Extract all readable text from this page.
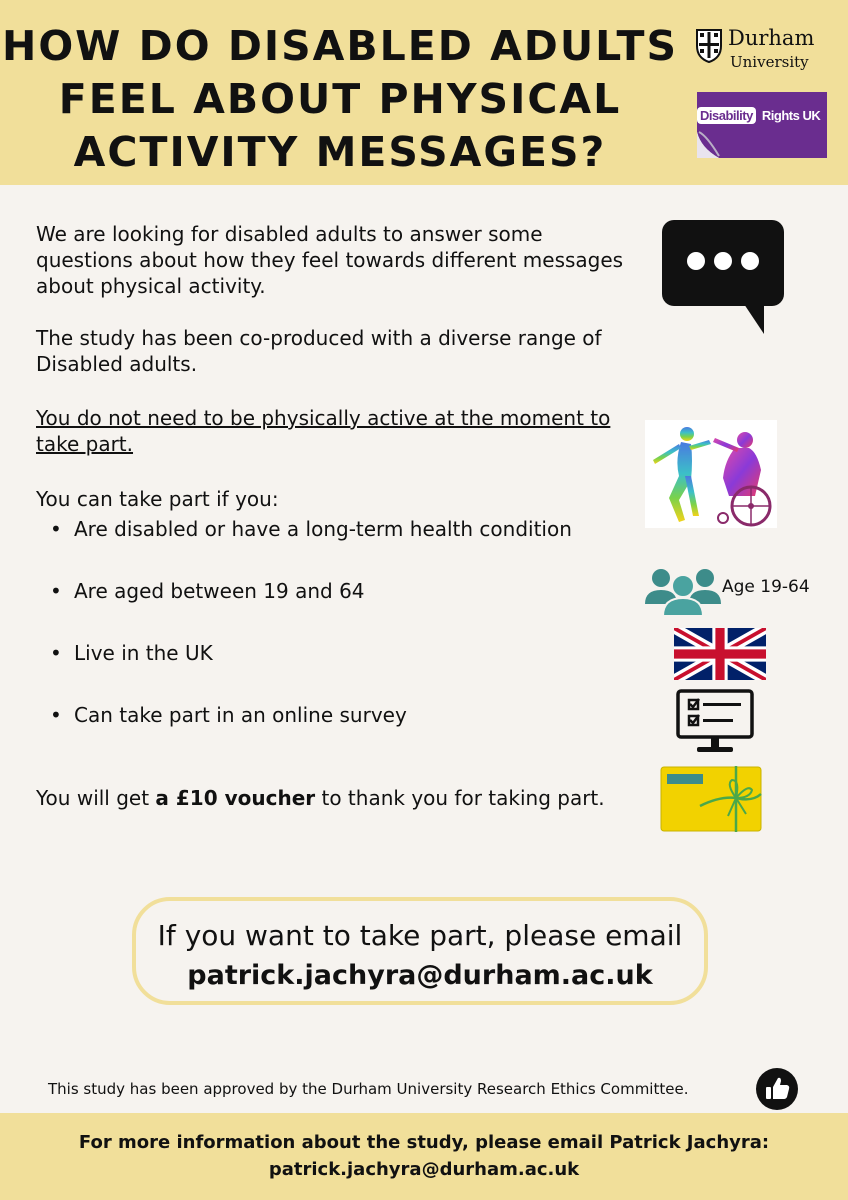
HOW DO DISABLED ADULTS
FEEL ABOUT PHYSICAL
ACTIVITY MESSAGES?
Durham
University
Disability Rights UK
We are looking for disabled adults to answer some questions about how they feel towards different messages about physical activity.
The study has been co-produced with a diverse range of Disabled adults.
You do not need to be physically active at the moment to take part.
You can take part if you:
• Are disabled or have a long-term health condition
• Are aged between 19 and 64
• Live in the UK
• Can take part in an online survey
You will get a £10 voucher to thank you for taking part.
Age 19-64
If you want to take part, please email
patrick.jachyra@durham.ac.uk
This study has been approved by the Durham University Research Ethics Committee.
For more information about the study, please email Patrick Jachyra:
patrick.jachyra@durham.ac.uk
